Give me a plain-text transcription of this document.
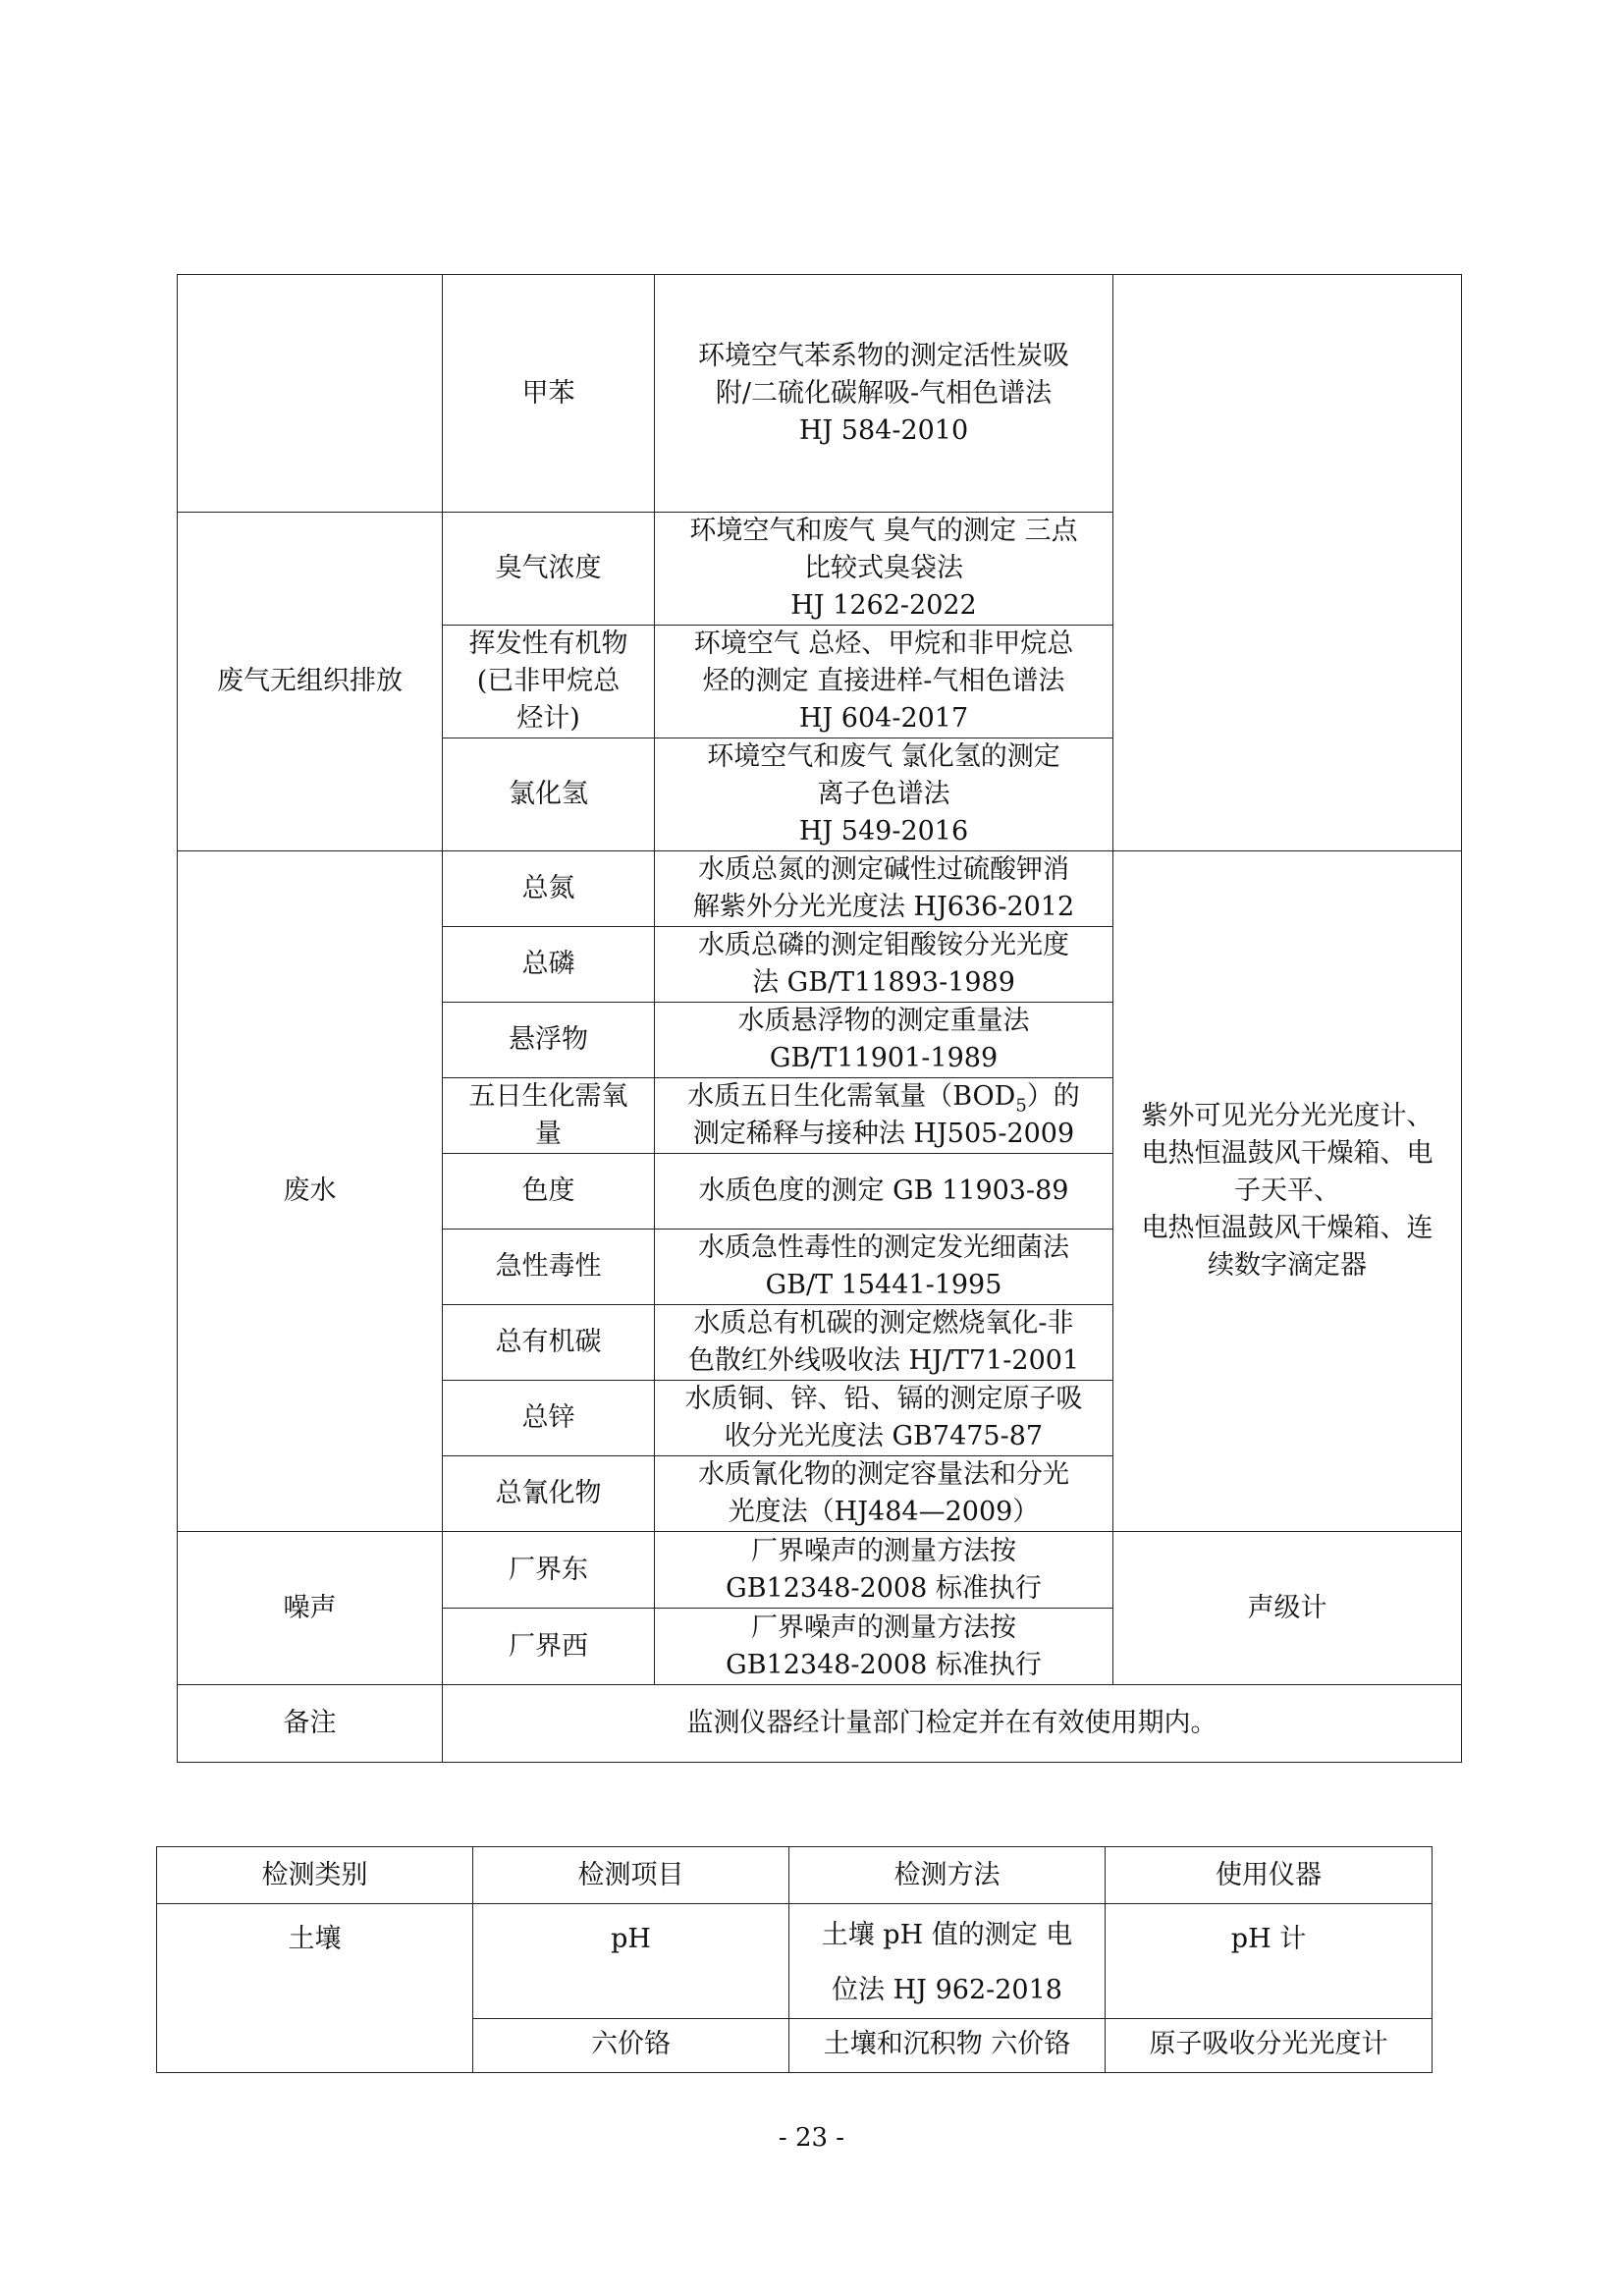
	甲苯	环境空气苯系物的测定活性炭吸
附/二硫化碳解吸-气相色谱法
HJ 584-2010	
废气无组织排放	臭气浓度	环境空气和废气 臭气的测定 三点
比较式臭袋法
HJ 1262-2022	
	挥发性有机物
(已非甲烷总
烃计)	环境空气 总烃、甲烷和非甲烷总
烃的测定 直接进样-气相色谱法
HJ 604-2017	
	氯化氢	环境空气和废气 氯化氢的测定
离子色谱法
HJ 549-2016	
废水	总氮	水质总氮的测定碱性过硫酸钾消
解紫外分光光度法 HJ636-2012	紫外可见光分光光度计、
电热恒温鼓风干燥箱、电
子天平、
电热恒温鼓风干燥箱、连
续数字滴定器
	总磷	水质总磷的测定钼酸铵分光光度
法 GB/T11893-1989	
	悬浮物	水质悬浮物的测定重量法
GB/T11901-1989	
	五日生化需氧
量	水质五日生化需氧量$(BOD_5)$的
测定稀释与接种法 HJ505-2009	
	色度	水质色度的测定 GB 11903-89	
	急性毒性	水质急性毒性的测定发光细菌法
GB/T 15441-1995	
	总有机碳	水质总有机碳的测定燃烧氧化-非
色散红外线吸收法 HJ/T71-2001	
	总锌	水质铜、锌、铅、镉的测定原子吸
收分光光度法 GB7475-87	
	总氰化物	水质氰化物的测定容量法和分光
光度法（HJ484—2009）	
噪声	厂界东	厂界噪声的测量方法按
GB12348-2008 标准执行	声级计
	厂界西	厂界噪声的测量方法按
GB12348-2008 标准执行	
备注	监测仪器经计量部门检定并在有效使用期内。		
检测类别	检测项目	检测方法	使用仪器
土壤	pH	土壤 pH 值的测定 电
位法 HJ 962-2018	pH 计
	六价铬	土壤和沉积物 六价铬	原子吸收分光光度计
- 23 -
